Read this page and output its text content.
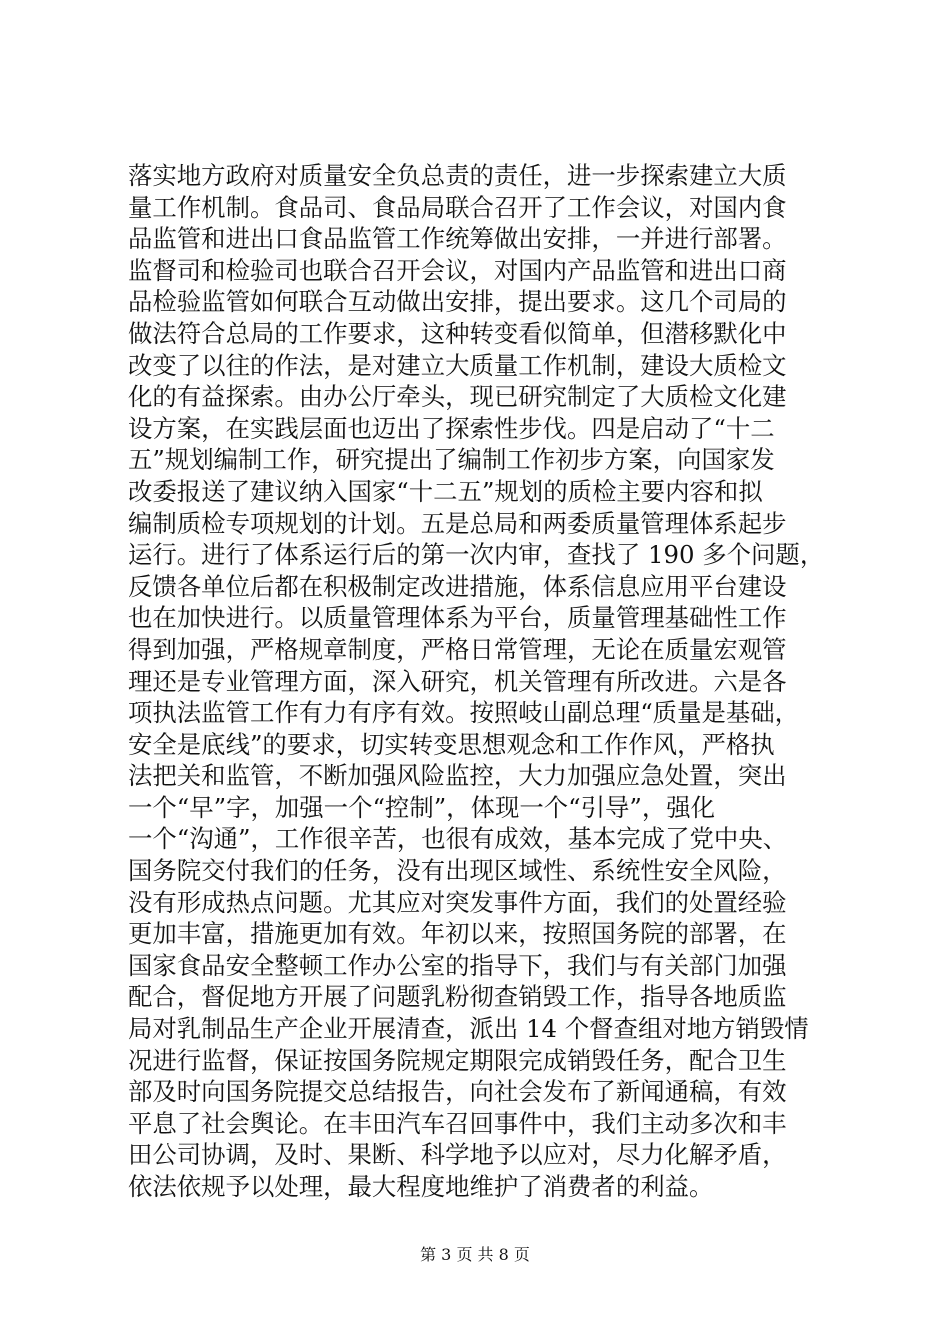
落实地方政府对质量安全负总责的责任，进一步探索建立大质
量工作机制。食品司、食品局联合召开了工作会议，对国内食
品监管和进出口食品监管工作统筹做出安排，一并进行部署。
监督司和检验司也联合召开会议，对国内产品监管和进出口商
品检验监管如何联合互动做出安排，提出要求。这几个司局的
做法符合总局的工作要求，这种转变看似简单，但潜移默化中
改变了以往的作法，是对建立大质量工作机制，建设大质检文
化的有益探索。由办公厅牵头，现已研究制定了大质检文化建
设方案，在实践层面也迈出了探索性步伐。四是启动了“十二
五”规划编制工作，研究提出了编制工作初步方案，向国家发
改委报送了建议纳入国家“十二五”规划的质检主要内容和拟
编制质检专项规划的计划。五是总局和两委质量管理体系起步
运行。进行了体系运行后的第一次内审，查找了 190 多个问题，
反馈各单位后都在积极制定改进措施，体系信息应用平台建设
也在加快进行。以质量管理体系为平台，质量管理基础性工作
得到加强，严格规章制度，严格日常管理，无论在质量宏观管
理还是专业管理方面，深入研究，机关管理有所改进。六是各
项执法监管工作有力有序有效。按照岐山副总理“质量是基础，
安全是底线”的要求，切实转变思想观念和工作作风，严格执
法把关和监管，不断加强风险监控，大力加强应急处置，突出
一个“早”字，加强一个“控制”，体现一个“引导”，强化
一个“沟通”，工作很辛苦，也很有成效，基本完成了党中央、
国务院交付我们的任务，没有出现区域性、系统性安全风险，
没有形成热点问题。尤其应对突发事件方面，我们的处置经验
更加丰富，措施更加有效。年初以来，按照国务院的部署，在
国家食品安全整顿工作办公室的指导下，我们与有关部门加强
配合，督促地方开展了问题乳粉彻查销毁工作，指导各地质监
局对乳制品生产企业开展清查，派出 14 个督查组对地方销毁情
况进行监督，保证按国务院规定期限完成销毁任务，配合卫生
部及时向国务院提交总结报告，向社会发布了新闻通稿，有效
平息了社会舆论。在丰田汽车召回事件中，我们主动多次和丰
田公司协调，及时、果断、科学地予以应对，尽力化解矛盾，
依法依规予以处理，最大程度地维护了消费者的利益。
第 3 页 共 8 页
